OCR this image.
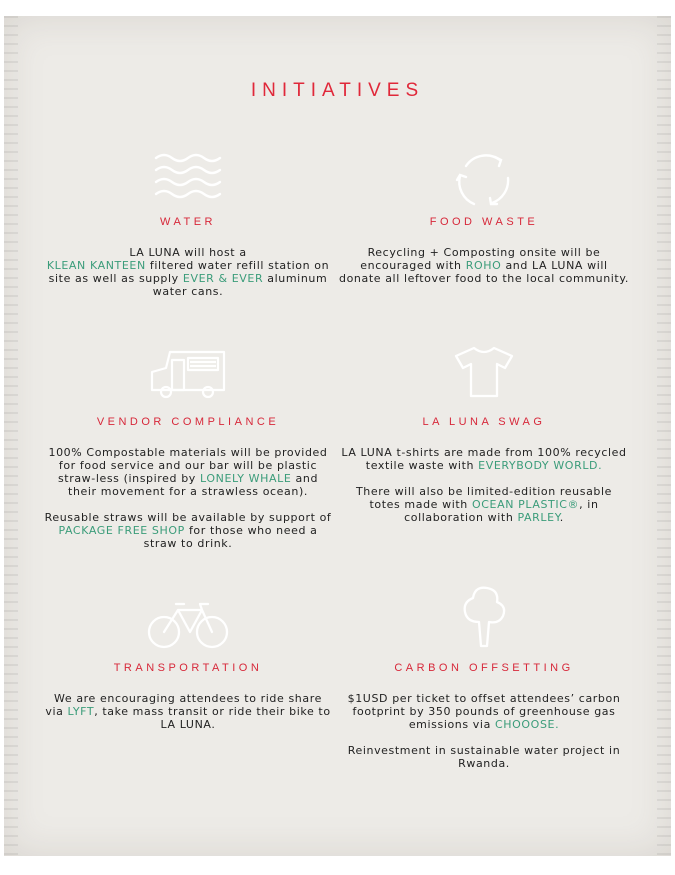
INITIATIVES
WATER

LA LUNA will host a
KLEAN KANTEEN filtered water refill station on site as well as supply EVER & EVER aluminum water cans.

FOOD WASTE

Recycling + Composting onsite will be encouraged with ROHO and LA LUNA will donate all leftover food to the local community.

VENDOR COMPLIANCE

100% Compostable materials will be provided for food service and our bar will be plastic straw-less (inspired by LONELY WHALE and their movement for a strawless ocean).

Reusable straws will be available by support of PACKAGE FREE SHOP for those who need a straw to drink.

LA LUNA SWAG

LA LUNA t-shirts are made from 100% recycled textile waste with EVERYBODY WORLD.

There will also be limited-edition reusable totes made with OCEAN PLASTIC®, in collaboration with PARLEY.

TRANSPORTATION

We are encouraging attendees to ride share via LYFT, take mass transit or ride their bike to LA LUNA.

CARBON OFFSETTING

$1USD per ticket to offset attendees’ carbon footprint by 350 pounds of greenhouse gas emissions via CHOOOSE.

Reinvestment in sustainable water project in Rwanda.
